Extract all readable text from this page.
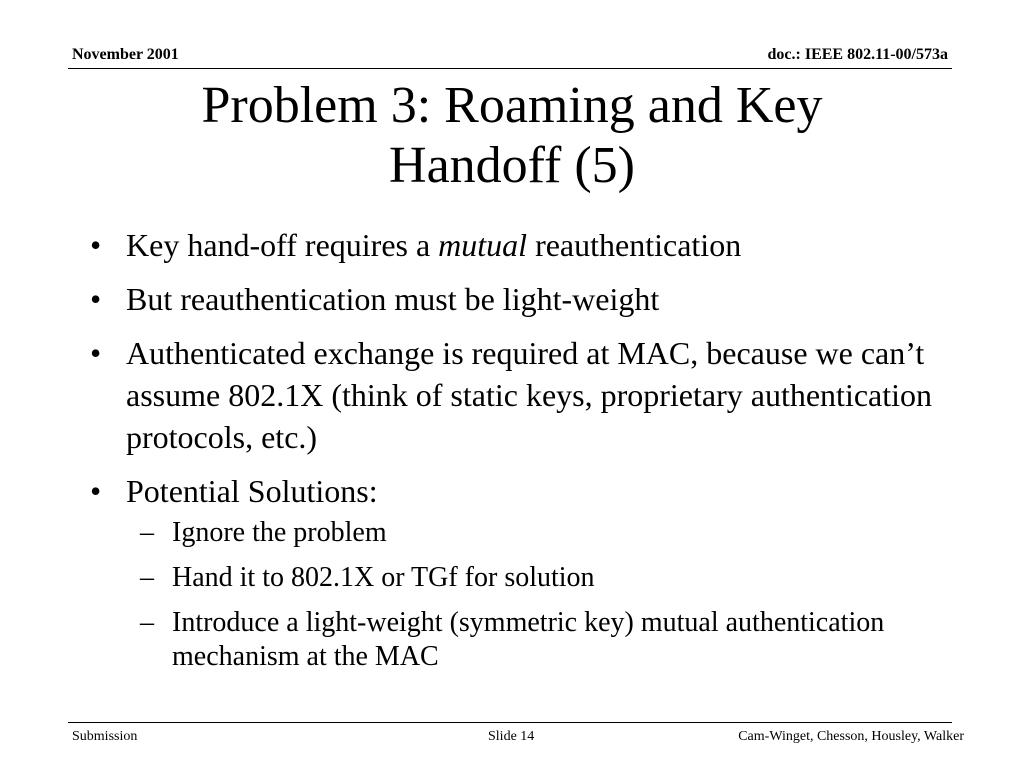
November 2001	doc.: IEEE 802.11-00/573a
Problem 3: Roaming and Key
Handoff (5)
• Key hand-off requires a mutual reauthentication
• But reauthentication must be light-weight
• Authenticated exchange is required at MAC, because we can’t assume 802.1X (think of static keys, proprietary authentication protocols, etc.)
• Potential Solutions:
– Ignore the problem
– Hand it to 802.1X or TGf for solution
– Introduce a light-weight (symmetric key) mutual authentication mechanism at the MAC
Submission	Slide 14	Cam-Winget, Chesson, Housley, Walker
